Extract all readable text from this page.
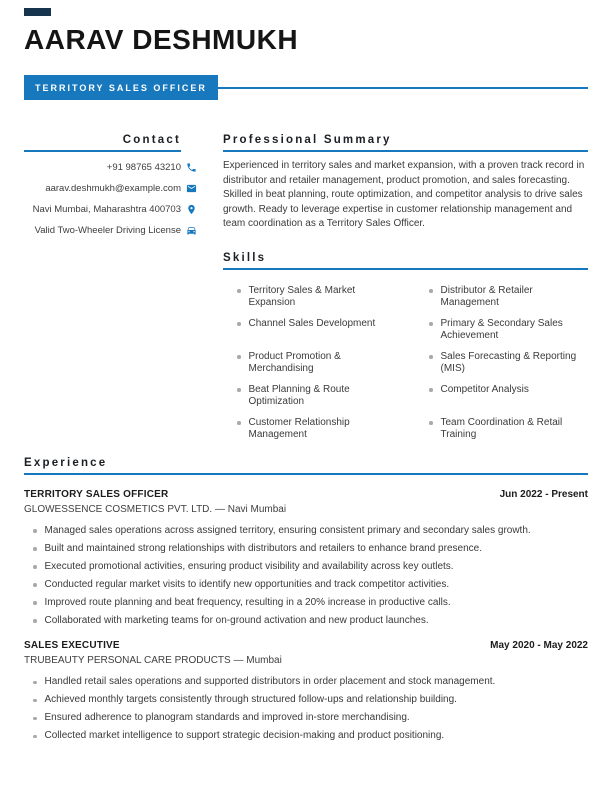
AARAV DESHMUKH
TERRITORY SALES OFFICER
Contact
+91 98765 43210
aarav.deshmukh@example.com
Navi Mumbai, Maharashtra 400703
Valid Two-Wheeler Driving License
Professional Summary

Experienced in territory sales and market expansion, with a proven track record in distributor and retailer management, product promotion, and sales forecasting. Skilled in beat planning, route optimization, and competitor analysis to drive sales growth. Ready to leverage expertise in customer relationship management and team coordination as a Territory Sales Officer.

Skills
Territory Sales & Market Expansion
Distributor & Retailer Management
Channel Sales Development	Primary & Secondary Sales Achievement
Product Promotion & Merchandising
Sales Forecasting & Reporting (MIS)
Beat Planning & Route Optimization
Competitor Analysis
Customer Relationship Management
Team Coordination & Retail Training
Experience
TERRITORY SALES OFFICER	Jun 2022 - Present
GLOWESSENCE COSMETICS PVT. LTD. — Navi Mumbai
Managed sales operations across assigned territory, ensuring consistent primary and secondary sales growth.
Built and maintained strong relationships with distributors and retailers to enhance brand presence.
Executed promotional activities, ensuring product visibility and availability across key outlets.
Conducted regular market visits to identify new opportunities and track competitor activities.
Improved route planning and beat frequency, resulting in a 20% increase in productive calls.
Collaborated with marketing teams for on-ground activation and new product launches.
SALES EXECUTIVE	May 2020 - May 2022
TRUBEAUTY PERSONAL CARE PRODUCTS — Mumbai
Handled retail sales operations and supported distributors in order placement and stock management.
Achieved monthly targets consistently through structured follow-ups and relationship building.
Ensured adherence to planogram standards and improved in-store merchandising.
Collected market intelligence to support strategic decision-making and product positioning.
